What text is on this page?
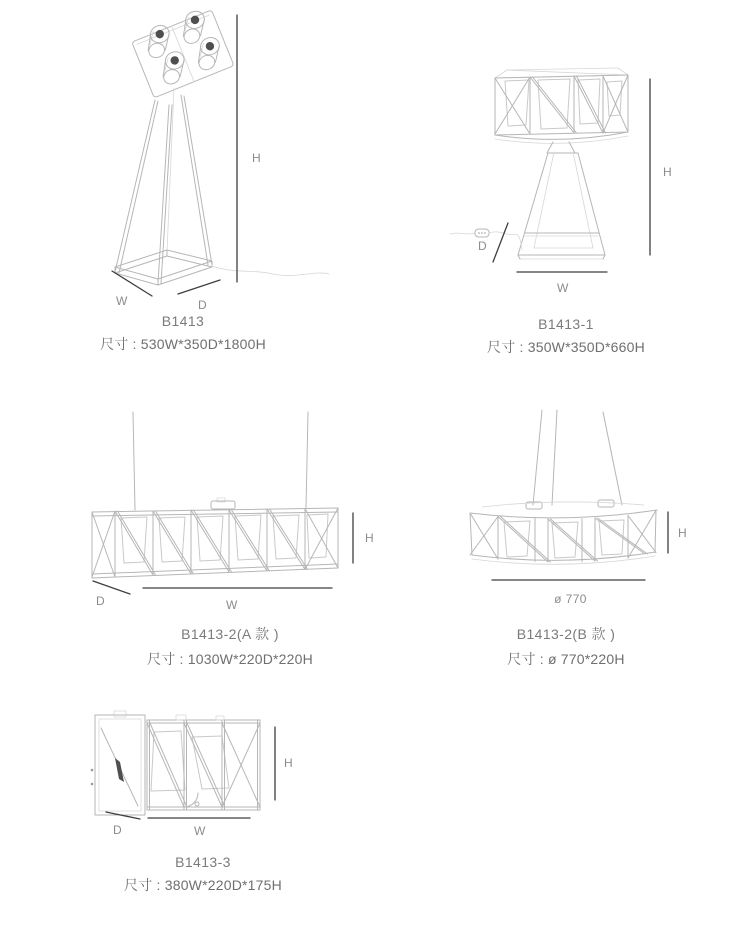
H
W	D
B1413
尺寸 : 530W*350D*1800H
H
W
D
B1413-1
尺寸 : 350W*350D*660H
H
W
D
B1413-2(A 款 )
尺寸 : 1030W*220D*220H
H
ø 770
B1413-2(B 款 )
尺寸 : ø 770*220H
H
W
D
B1413-3
尺寸 : 380W*220D*175H
